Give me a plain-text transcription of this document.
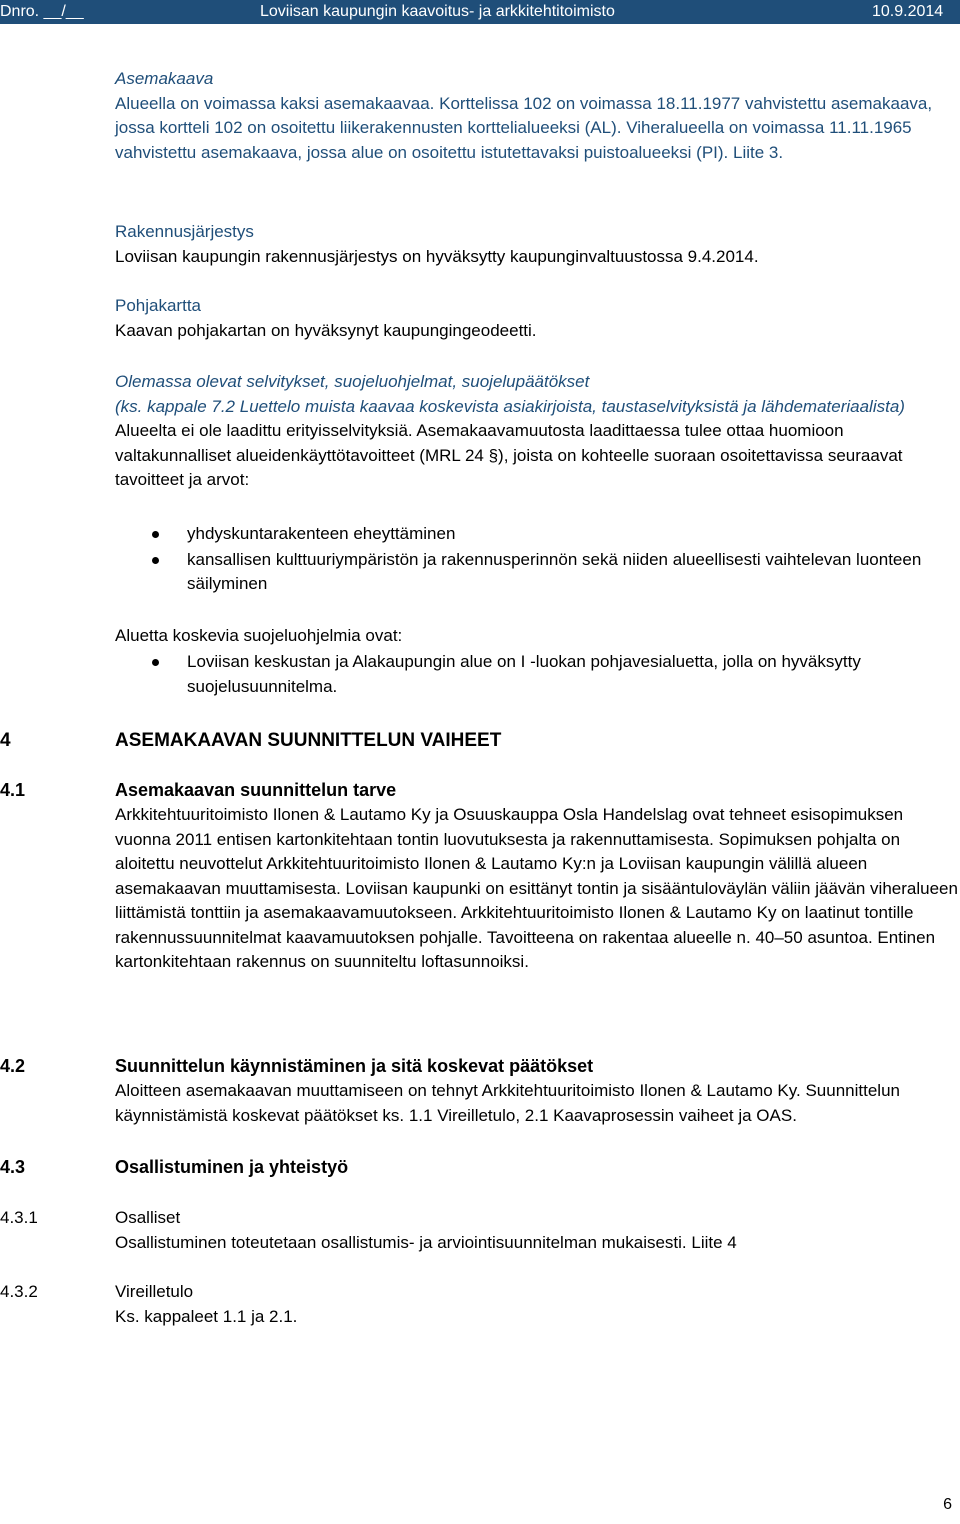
Dnro. __/__	Loviisan kaupungin kaavoitus- ja arkkitehtitoimisto	10.9.2014

Asemakaava

Alueella on voimassa kaksi asemakaavaa. Korttelissa 102 on voimassa 18.11.1977 vahvistettu asemakaava, jossa kortteli 102 on osoitettu liikerakennusten korttelialueeksi (AL). Viheralueella on voimassa 11.11.1965 vahvistettu asemakaava, jossa alue on osoitettu istutettavaksi puistoalueeksi (PI). Liite 3.

Rakennusjärjestys

Loviisan kaupungin rakennusjärjestys on hyväksytty kaupunginvaltuustossa 9.4.2014.

Pohjakartta

Kaavan pohjakartan on hyväksynyt kaupungingeodeetti.

Olemassa olevat selvitykset, suojeluohjelmat, suojelupäätökset

(ks. kappale 7.2 Luettelo muista kaavaa koskevista asiakirjoista, taustaselvityksistä ja lähdemateriaalista)

Alueelta ei ole laadittu erityisselvityksiä. Asemakaavamuutosta laadittaessa tulee ottaa huomioon valtakunnalliset alueidenkäyttötavoitteet (MRL 24 §), joista on kohteelle suoraan osoitettavissa seuraavat tavoitteet ja arvot:

yhdyskuntarakenteen eheyttäminen
kansallisen kulttuuriympäristön ja rakennusperinnön sekä niiden alueellisesti vaihtelevan luonteen säilyminen

Aluetta koskevia suojeluohjelmia ovat:

Loviisan keskustan ja Alakaupungin alue on I -luokan pohjavesialuetta, jolla on hyväksytty suojelusuunnitelma.
4	ASEMAKAAVAN SUUNNITTELUN VAIHEET
4.1	Asemakaavan suunnittelun tarve

Arkkitehtuuritoimisto Ilonen & Lautamo Ky ja Osuuskauppa Osla Handelslag ovat tehneet esisopimuksen vuonna 2011 entisen kartonkitehtaan tontin luovutuksesta ja rakennuttamisesta. Sopimuksen pohjalta on aloitettu neuvottelut Arkkitehtuuritoimisto Ilonen & Lautamo Ky:n ja Loviisan kaupungin välillä alueen asemakaavan muuttamisesta. Loviisan kaupunki on esittänyt tontin ja sisääntuloväylän väliin jäävän viheralueen liittämistä tonttiin ja asemakaavamuutokseen. Arkkitehtuuritoimisto Ilonen & Lautamo Ky on laatinut tontille rakennussuunnitelmat kaavamuutoksen pohjalle. Tavoitteena on rakentaa alueelle n. 40–50 asuntoa. Entinen kartonkitehtaan rakennus on suunniteltu loftasunnoiksi.

4.2	Suunnittelun käynnistäminen ja sitä koskevat päätökset

Aloitteen asemakaavan muuttamiseen on tehnyt Arkkitehtuuritoimisto Ilonen & Lautamo Ky. Suunnittelun käynnistämistä koskevat päätökset ks. 1.1 Vireilletulo, 2.1 Kaavaprosessin vaiheet ja OAS.

4.3	Osallistuminen ja yhteistyö
4.3.1	Osalliset

Osallistuminen toteutetaan osallistumis- ja arviointisuunnitelman mukaisesti. Liite 4

4.3.2	Vireilletulo

Ks. kappaleet 1.1 ja 2.1.

6
